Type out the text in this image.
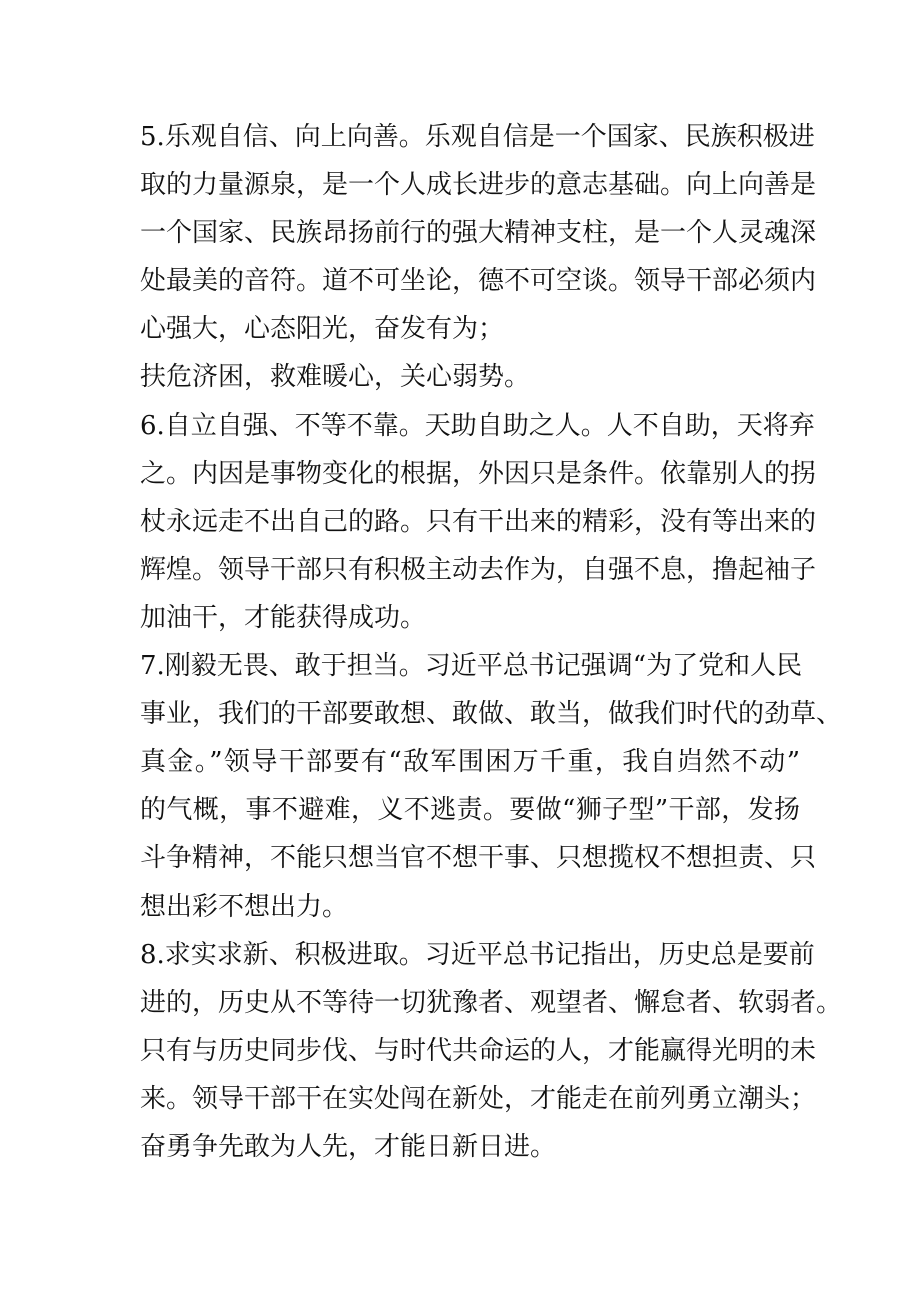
5.乐观自信、向上向善。乐观自信是一个国家、民族积极进
取的力量源泉，是一个人成长进步的意志基础。向上向善是
一个国家、民族昂扬前行的强大精神支柱，是一个人灵魂深
处最美的音符。道不可坐论，德不可空谈。领导干部必须内
心强大，心态阳光，奋发有为；
扶危济困，救难暖心，关心弱势。
6.自立自强、不等不靠。天助自助之人。人不自助，天将弃
之。内因是事物变化的根据，外因只是条件。依靠别人的拐
杖永远走不出自己的路。只有干出来的精彩，没有等出来的
辉煌。领导干部只有积极主动去作为，自强不息，撸起袖子
加油干，才能获得成功。
7.刚毅无畏、敢于担当。习近平总书记强调“为了党和人民
事业，我们的干部要敢想、敢做、敢当，做我们时代的劲草、
真金。”领导干部要有“敌军围困万千重，我自岿然不动”
的气概，事不避难，义不逃责。要做“狮子型”干部，发扬
斗争精神，不能只想当官不想干事、只想揽权不想担责、只
想出彩不想出力。
8.求实求新、积极进取。习近平总书记指出，历史总是要前
进的，历史从不等待一切犹豫者、观望者、懈怠者、软弱者。
只有与历史同步伐、与时代共命运的人，才能赢得光明的未
来。领导干部干在实处闯在新处，才能走在前列勇立潮头；
奋勇争先敢为人先，才能日新日进。
